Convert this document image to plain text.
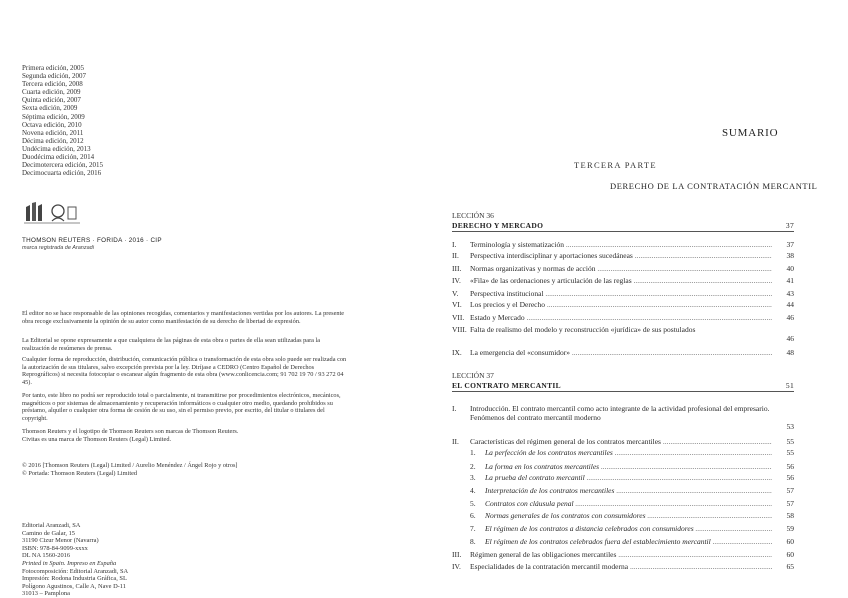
Primera edición, 2005
Segunda edición, 2007
Tercera edición, 2008
Cuarta edición, 2009
Quinta edición, 2007
Sexta edición, 2009
Séptima edición, 2009
Octava edición, 2010
Novena edición, 2011
Décima edición, 2012
Undécima edición, 2013
Duodécima edición, 2014
Decimotercera edición, 2015
Decimocuarta edición, 2016
THOMSON REUTERS · FORIDA · 2016 · CIP
marca registrada de Aranzadi

El editor no se hace responsable de las opiniones recogidas, comentarios y manifestaciones vertidas por los autores. La presente obra recoge exclusivamente la opinión de su autor como manifestación de su derecho de libertad de expresión.

La Editorial se opone expresamente a que cualquiera de las páginas de esta obra o partes de ella sean utilizadas para la realización de resúmenes de prensa.

Cualquier forma de reproducción, distribución, comunicación pública o transformación de esta obra solo puede ser realizada con la autorización de sus titulares, salvo excepción prevista por la ley. Diríjase a CEDRO (Centro Español de Derechos Reprográficos) si necesita fotocopiar o escanear algún fragmento de esta obra (www.conlicencia.com; 91 702 19 70 / 93 272 04 45).

Por tanto, este libro no podrá ser reproducido total o parcialmente, ni transmitirse por procedimientos electrónicos, mecánicos, magnéticos o por sistemas de almacenamiento y recuperación informáticos o cualquier otro medio, quedando prohibidos su préstamo, alquiler o cualquier otra forma de cesión de su uso, sin el permiso previo, por escrito, del titular o titulares del copyright.

Thomson Reuters y el logotipo de Thomson Reuters son marcas de Thomson Reuters.

Civitas es una marca de Thomson Reuters (Legal) Limited.

© 2016 [Thomson Reuters (Legal) Limited / Aurelio Menéndez / Ángel Rojo y otros]
© Portada: Thomson Reuters (Legal) Limited
Editorial Aranzadi, SA
Camino de Galar, 15
31190 Cizur Menor (Navarra)
ISBN: 978-84-9099-xxxx
DL NA 1560-2016
Printed in Spain. Impreso en España
Fotocomposición: Editorial Aranzadi, SA
Impresión: Rodona Industria Gráfica, SL
Polígono Agustinos, Calle A, Nave D-11
31013 – Pamplona
SUMARIO
TERCERA PARTE
DERECHO DE LA CONTRATACIÓN MERCANTIL
LECCIÓN 36
DERECHO Y MERCADO	37
I. Terminología y sistematización .....	37
II. Perspectiva interdisciplinar y aportaciones sucedáneas .....	38
III. Normas organizativas y normas de acción .....	40
IV. «Fila» de las ordenaciones y articulación de las reglas .....	41
V. Perspectiva institucional .....	43
VI. Los precios y el Derecho .....	44
VII. Estado y Mercado .....	46
VIII. Falta de realismo del modelo y reconstrucción «jurídica» de sus postulados
46
IX. La emergencia del «consumidor» .....	48
LECCIÓN 37
EL CONTRATO MERCANTIL	51
I. Introducción. El contrato mercantil como acto integrante de la actividad profesional del empresario. Fenómenos del contrato mercantil moderno
53
II. Características del régimen general de los contratos mercantiles .....	55
1. La perfección de los contratos mercantiles .....	55
2. La forma en los contratos mercantiles .....	56
3. La prueba del contrato mercantil .....	56
4. Interpretación de los contratos mercantiles .....	57
5. Contratos con cláusula penal .....	57
6. Normas generales de los contratos con consumidores .....	58
7. El régimen de los contratos a distancia celebrados con consumidores .....	59
8. El régimen de los contratos celebrados fuera del establecimiento mercantil .....	60
III. Régimen general de las obligaciones mercantiles .....	60
IV. Especialidades de la contratación mercantil moderna .....	65
